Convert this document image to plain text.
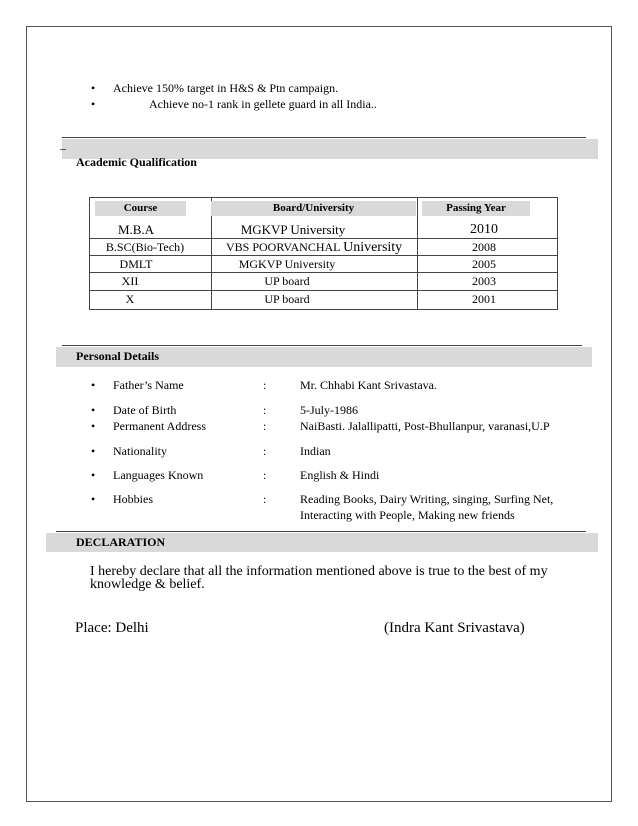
• Achieve 150% target in H&S & Ptn campaign.
•	Achieve no-1 rank in gellete guard in all India..
_
Academic Qualification
Course	Board/University	Passing Year
M.B.A	MGKVP University	2010
B.SC(Bio-Tech)	VBS POORVANCHAL University	2008
DMLT	MGKVP University	2005
XII	UP board	2003
X	UP board	2001
Personal Details
• Father’s Name	:	Mr. Chhabi Kant Srivastava.
• Date of Birth	:	5-July-1986
• Permanent Address	:	NaiBasti. Jalallipatti, Post-Bhullanpur, varanasi,U.P
• Nationality	:	Indian
• Languages Known	:	English & Hindi
• Hobbies	:	Reading Books, Dairy Writing, singing, Surfing Net,
Interacting with People, Making new friends
DECLARATION
I hereby declare that all the information mentioned above is true to the best of my
knowledge & belief.
Place: Delhi	(Indra Kant Srivastava)
